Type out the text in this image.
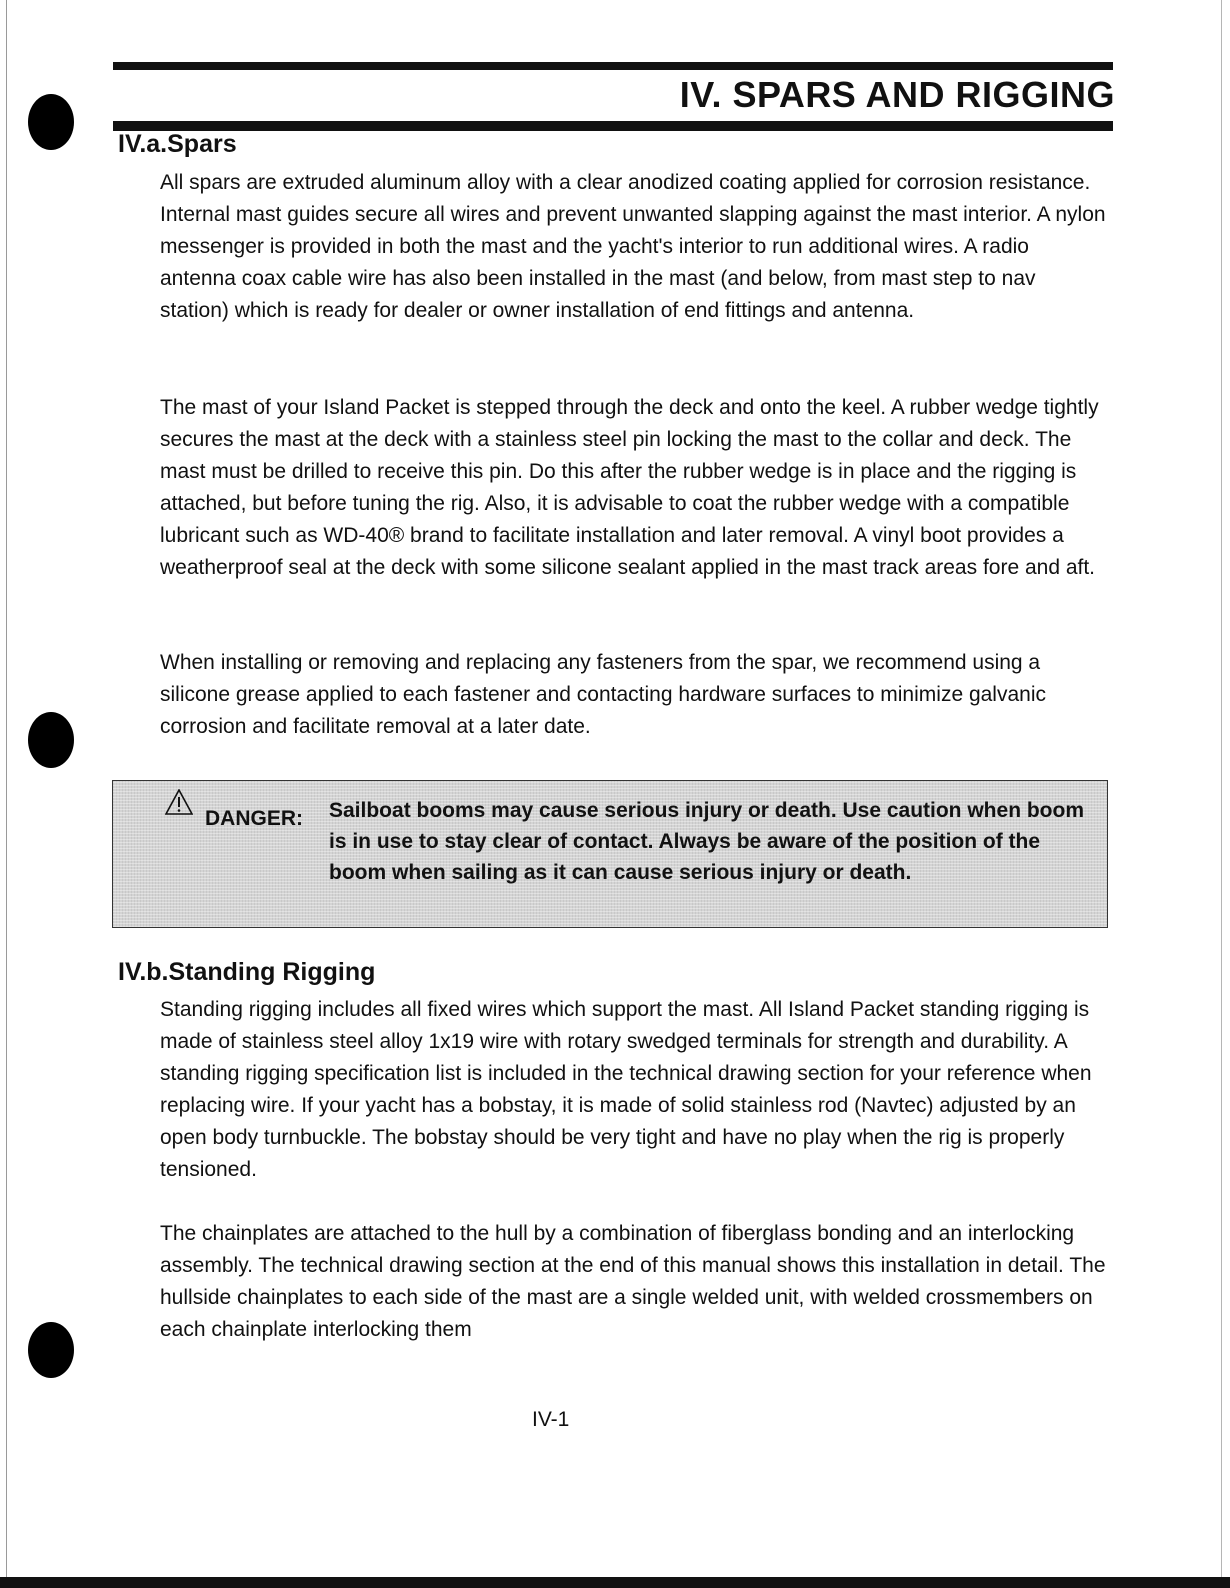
IV. SPARS AND RIGGING
IV.a.Spars

All spars are extruded aluminum alloy with a clear anodized coating applied for corrosion resistance. Internal mast guides secure all wires and prevent unwanted slapping against the mast interior. A nylon messenger is provided in both the mast and the yacht's interior to run additional wires. A radio antenna coax cable wire has also been installed in the mast (and below, from mast step to nav station) which is ready for dealer or owner installation of end fittings and antenna.

The mast of your Island Packet is stepped through the deck and onto the keel. A rubber wedge tightly secures the mast at the deck with a stainless steel pin locking the mast to the collar and deck. The mast must be drilled to receive this pin. Do this after the rubber wedge is in place and the rigging is attached, but before tuning the rig. Also, it is advisable to coat the rubber wedge with a compatible lubricant such as WD-40® brand to facilitate installation and later removal. A vinyl boot provides a weatherproof seal at the deck with some silicone sealant applied in the mast track areas fore and aft.

When installing or removing and replacing any fasteners from the spar, we recommend using a silicone grease applied to each fastener and contacting hardware surfaces to minimize galvanic corrosion and facilitate removal at a later date.

DANGER: Sailboat booms may cause serious injury or death. Use caution when boom is in use to stay clear of contact. Always be aware of the position of the boom when sailing as it can cause serious injury or death.

IV.b.Standing Rigging

Standing rigging includes all fixed wires which support the mast. All Island Packet standing rigging is made of stainless steel alloy 1x19 wire with rotary swedged terminals for strength and durability. A standing rigging specification list is included in the technical drawing section for your reference when replacing wire. If your yacht has a bobstay, it is made of solid stainless rod (Navtec) adjusted by an open body turnbuckle. The bobstay should be very tight and have no play when the rig is properly tensioned.

The chainplates are attached to the hull by a combination of fiberglass bonding and an interlocking assembly. The technical drawing section at the end of this manual shows this installation in detail. The hullside chainplates to each side of the mast are a single welded unit, with welded crossmembers on each chainplate interlocking them

IV-1
